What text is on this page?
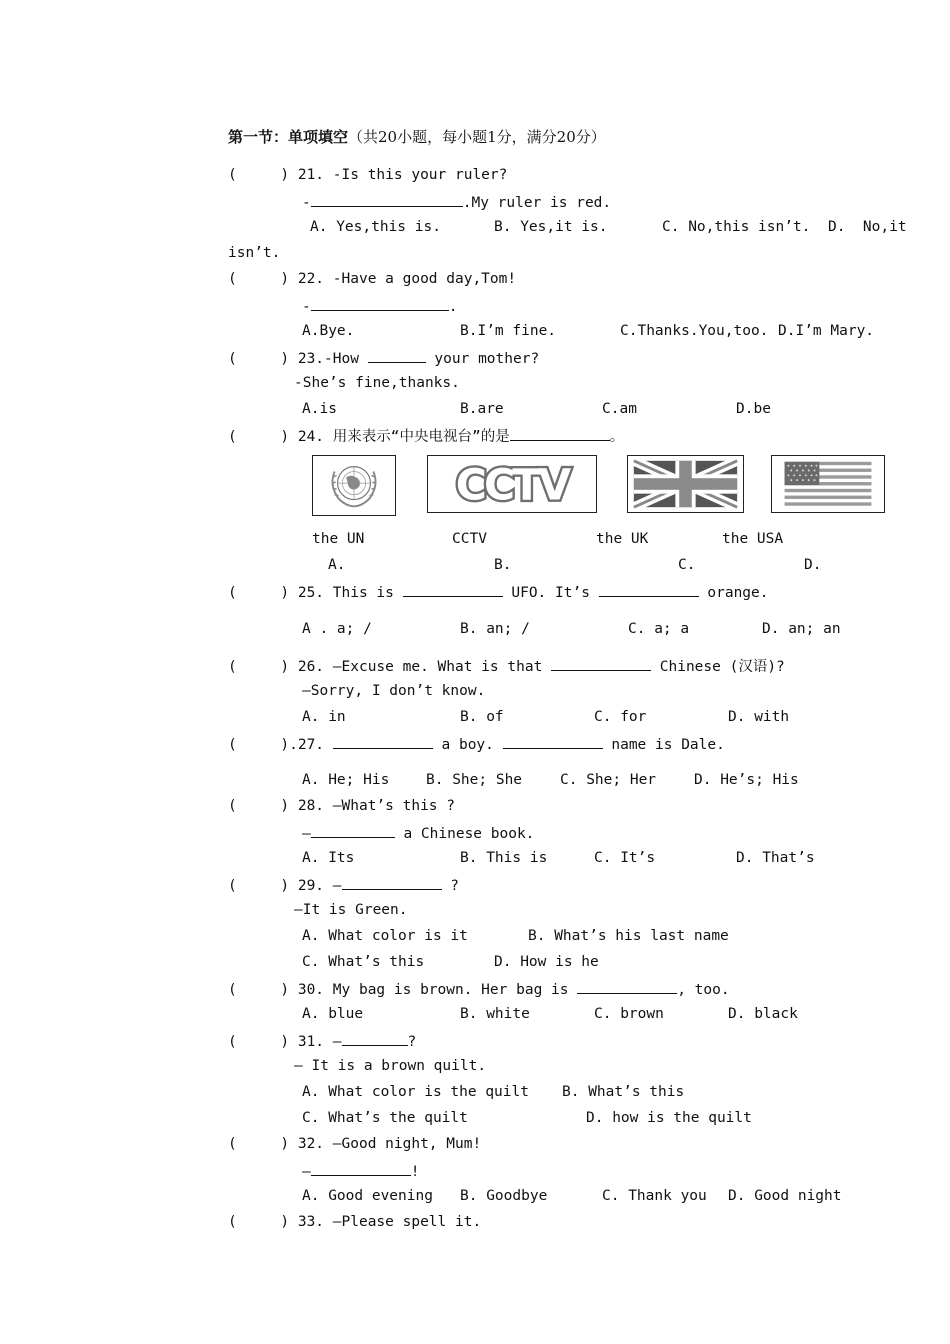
第一节：单项填空（共20小题，每小题1分，满分20分）
(     ) 21. -Is this your ruler?
-	.My ruler is red.
A. Yes,this is.	B. Yes,it is.	C. No,this isn’t. D.  No,it
isn’t.
(     ) 22. -Have a good day,Tom!
-	.
A.Bye.	B.I’m fine.	C.Thanks.You,too. D.I’m Mary.
(     ) 23.-How	your mother?
-She’s fine,thanks.
A.is	B.are	C.am	D.be
(     ) 24. 用来表示“中央电视台”的是	。
CCTV
the UN	CCTV	the UK	the USA
A.	B.	C.	D.
(     ) 25. This is	UFO. It’s	orange.
A . a; /	B. an; /	C. a; a	D. an; an
(     ) 26. —Excuse me. What is that	Chinese (汉语)?
—Sorry, I don’t know.
A. in	B. of	C. for	D. with
(     ).27.	a boy.	name is Dale.
A. He; His	B. She; She	C. She; Her	D. He’s; His
(     ) 28. —What’s this ?
—	a Chinese book.
A. Its	B. This is	C. It’s	D. That’s
(     ) 29. —	?
—It is Green.
A. What color is it	B. What’s his last name
C. What’s this	D. How is he
(     ) 30. My bag is brown. Her bag is	, too.
A. blue	B. white	C. brown	D. black
(     ) 31. —	?
— It is a brown quilt.
A. What color is the quilt B. What’s this
C. What’s the quilt	D. how is the quilt
(     ) 32. —Good night, Mum!
—	!
A. Good evening B. Goodbye	C. Thank you D. Good night
(     ) 33. —Please spell it.
